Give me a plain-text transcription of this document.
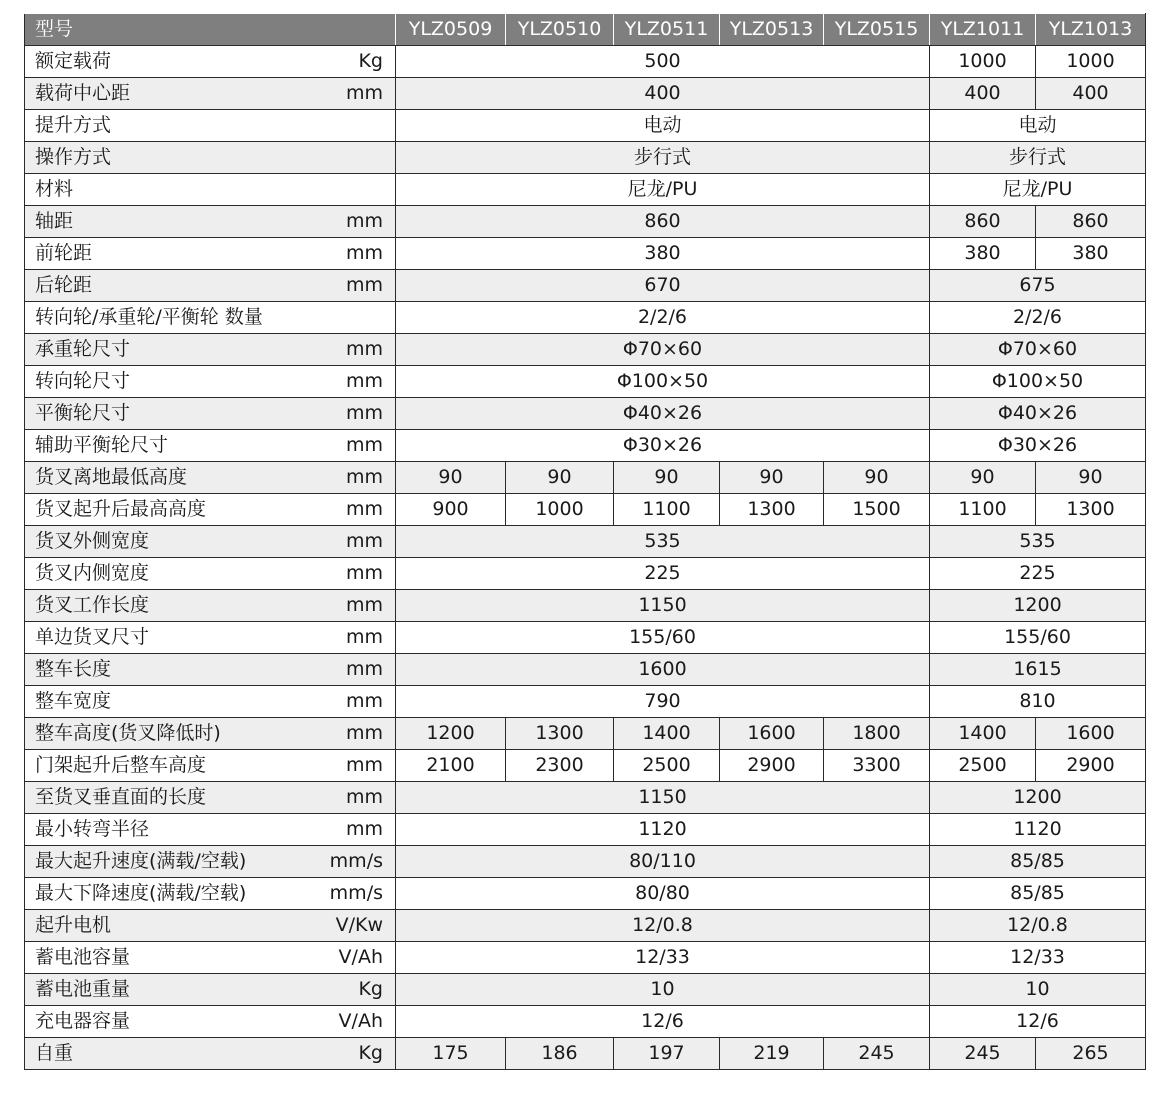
型号	YLZ0509	YLZ0510	YLZ0511	YLZ0513	YLZ0515	YLZ1011	YLZ1013
额定载荷 Kg	500					1000	1000
载荷中心距 mm	400					400	400
提升方式	电动					电动	
操作方式	步行式					步行式	
材料	尼龙/PU					尼龙/PU	
轴距 mm	860					860	860
前轮距 mm	380					380	380
后轮距 mm	670					675	
转向轮/承重轮/平衡轮 数量	2/2/6					2/2/6	
承重轮尺寸 mm	Φ70×60					Φ70×60	
转向轮尺寸 mm	Φ100×50					Φ100×50	
平衡轮尺寸 mm	Φ40×26					Φ40×26	
辅助平衡轮尺寸 mm	Φ30×26					Φ30×26	
货叉离地最低高度 mm	90	90	90	90	90	90	90
货叉起升后最高高度 mm	900	1000	1100	1300	1500	1100	1300
货叉外侧宽度 mm	535					535	
货叉内侧宽度 mm	225					225	
货叉工作长度 mm	1150					1200	
单边货叉尺寸 mm	155/60					155/60	
整车长度 mm	1600					1615	
整车宽度 mm	790					810	
整车高度(货叉降低时) mm	1200	1300	1400	1600	1800	1400	1600
门架起升后整车高度 mm	2100	2300	2500	2900	3300	2500	2900
至货叉垂直面的长度 mm	1150					1200	
最小转弯半径 mm	1120					1120	
最大起升速度(满载/空载) mm/s	80/110					85/85	
最大下降速度(满载/空载) mm/s	80/80					85/85	
起升电机 V/Kw	12/0.8					12/0.8	
蓄电池容量 V/Ah	12/33					12/33	
蓄电池重量 Kg	10					10	
充电器容量 V/Ah	12/6					12/6	
自重 Kg	175	186	197	219	245	245	265
